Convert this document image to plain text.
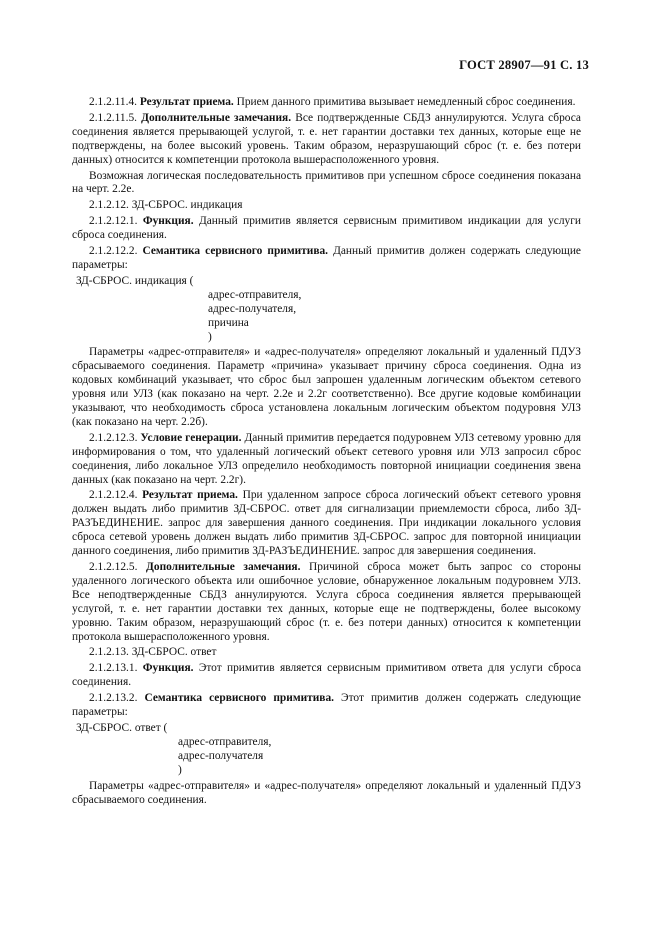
ГОСТ 28907—91 С. 13

2.1.2.11.4. Результат приема. Прием данного примитива вызывает немедленный сброс соединения.

2.1.2.11.5. Дополнительные замечания. Все подтвержденные СБДЗ аннулируются. Услуга сброса соединения является прерывающей услугой, т. е. нет гарантии доставки тех данных, которые еще не подтверждены, на более высокий уровень. Таким образом, неразрушающий сброс (т. е. без потери данных) относится к компетенции протокола вышерасположенного уровня.

Возможная логическая последовательность примитивов при успешном сбросе соединения показана на черт. 2.2е.

2.1.2.12. ЗД-СБРОС. индикация

2.1.2.12.1. Функция. Данный примитив является сервисным примитивом индикации для услуги сброса соединения.

2.1.2.12.2. Семантика сервисного примитива. Данный примитив должен содержать следующие параметры:

ЗД-СБРОС. индикация (
адрес-отправителя,
адрес-получателя,
причина
)

Параметры «адрес-отправителя» и «адрес-получателя» определяют локальный и удаленный ПДУЗ сбрасываемого соединения. Параметр «причина» указывает причину сброса соединения. Одна из кодовых комбинаций указывает, что сброс был запрошен удаленным логическим объектом сетевого уровня или УЛЗ (как показано на черт. 2.2е и 2.2г соответственно). Все другие кодовые комбинации указывают, что необходимость сброса установлена локальным логическим объектом подуровня УЛЗ (как показано на черт. 2.2б).

2.1.2.12.3. Условие генерации. Данный примитив передается подуровнем УЛЗ сетевому уровню для информирования о том, что удаленный логический объект сетевого уровня или УЛЗ запросил сброс соединения, либо локальное УЛЗ определило необходимость повторной инициации соединения звена данных (как показано на черт. 2.2г).

2.1.2.12.4. Результат приема. При удаленном запросе сброса логический объект сетевого уровня должен выдать либо примитив ЗД-СБРОС. ответ для сигнализации приемлемости сброса, либо ЗД-РАЗЪЕДИНЕНИЕ. запрос для завершения данного соединения. При индикации локального условия сброса сетевой уровень должен выдать либо примитив ЗД-СБРОС. запрос для повторной инициации данного соединения, либо примитив ЗД-РАЗЪЕДИНЕНИЕ. запрос для завершения соединения.

2.1.2.12.5. Дополнительные замечания. Причиной сброса может быть запрос со стороны удаленного логического объекта или ошибочное условие, обнаруженное локальным подуровнем УЛЗ. Все неподтвержденные СБДЗ аннулируются. Услуга сброса соединения является прерывающей услугой, т. е. нет гарантии доставки тех данных, которые еще не подтверждены, более высокому уровню. Таким образом, неразрушающий сброс (т. е. без потери данных) относится к компетенции протокола вышерасположенного уровня.

2.1.2.13. ЗД-СБРОС. ответ

2.1.2.13.1. Функция. Этот примитив является сервисным примитивом ответа для услуги сброса соединения.

2.1.2.13.2. Семантика сервисного примитива. Этот примитив должен содержать следующие параметры:

ЗД-СБРОС. ответ (
адрес-отправителя,
адрес-получателя
)

Параметры «адрес-отправителя» и «адрес-получателя» определяют локальный и удаленный ПДУЗ сбрасываемого соединения.
